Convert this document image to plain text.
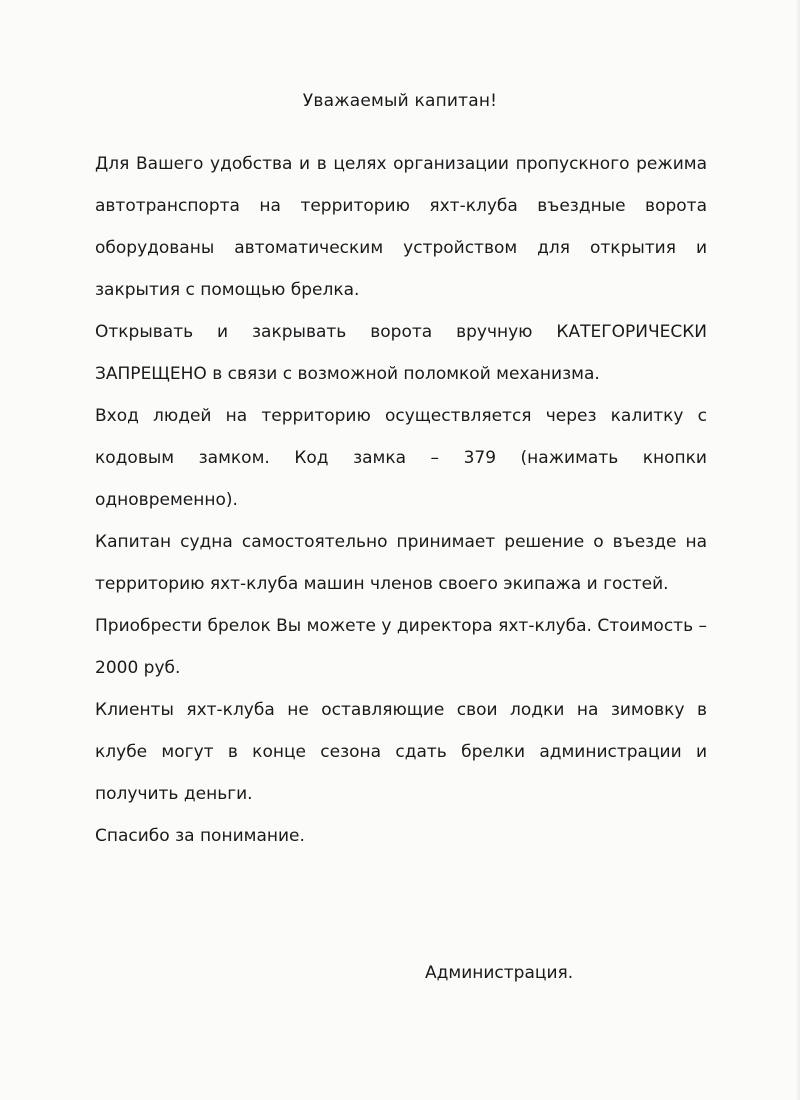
Уважаемый капитан!

Для Вашего удобства и в целях организации пропускного режима автотранспорта на территорию яхт-клуба въездные ворота оборудованы автоматическим устройством для открытия и закрытия с помощью брелка.

Открывать и закрывать ворота вручную КАТЕГОРИЧЕСКИ ЗАПРЕЩЕНО в связи с возможной поломкой механизма.

Вход людей на территорию осуществляется через калитку с кодовым замком. Код замка – 379 (нажимать кнопки одновременно).

Капитан судна самостоятельно принимает решение о въезде на территорию яхт-клуба машин членов своего экипажа и гостей.

Приобрести брелок Вы можете у директора яхт-клуба. Стоимость – 2000 руб.

Клиенты яхт-клуба не оставляющие свои лодки на зимовку в клубе могут в конце сезона сдать брелки администрации и получить деньги.

Спасибо за понимание.

Администрация.
